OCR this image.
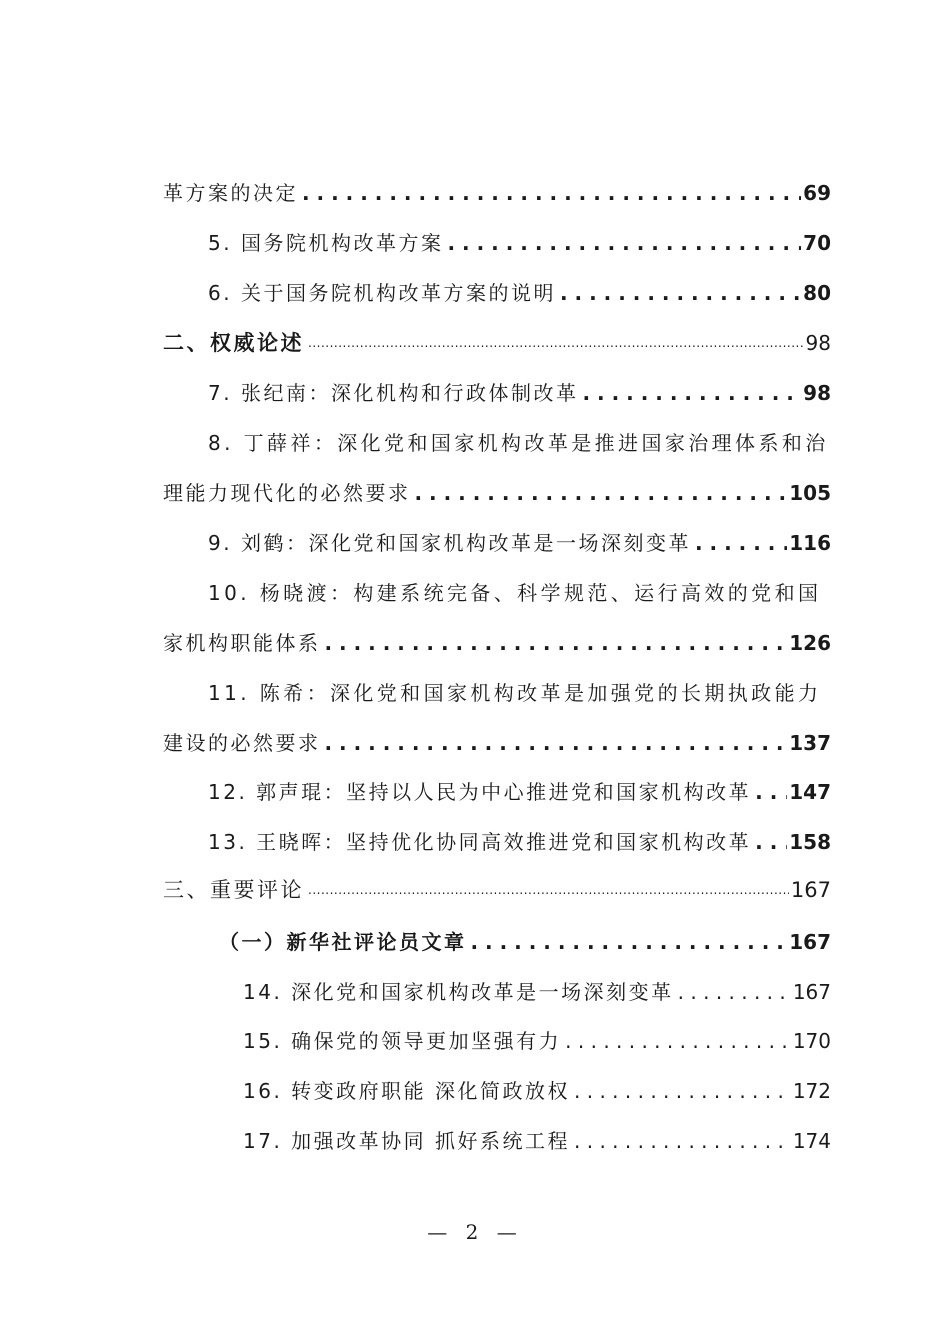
革方案的决定 . . .	69
5. 国务院机构改革方案 . . .	70
6. 关于国务院机构改革方案的说明 . . .	80
二、权威论述 .....	98
7. 张纪南：深化机构和行政体制改革 . . .	98
8. 丁薛祥：深化党和国家机构改革是推进国家治理体系和治
理能力现代化的必然要求 . . .	105
9. 刘鹤：深化党和国家机构改革是一场深刻变革 . . .	116
10. 杨晓渡：构建系统完备、科学规范、运行高效的党和国
家机构职能体系 . . .	126
11. 陈希：深化党和国家机构改革是加强党的长期执政能力
建设的必然要求 . . .	137
12. 郭声琨：坚持以人民为中心推进党和国家机构改革 . . . 147
13. 王晓晖：坚持优化协同高效推进党和国家机构改革 . . . 158
三、重要评论 .....	167
（一）新华社评论员文章 . . .	167
14. 深化党和国家机构改革是一场深刻变革 . . .	167
15. 确保党的领导更加坚强有力 . . .	170
16. 转变政府职能 深化简政放权 . . .	172
17. 加强改革协同 抓好系统工程 . . .	174
— 2 —
